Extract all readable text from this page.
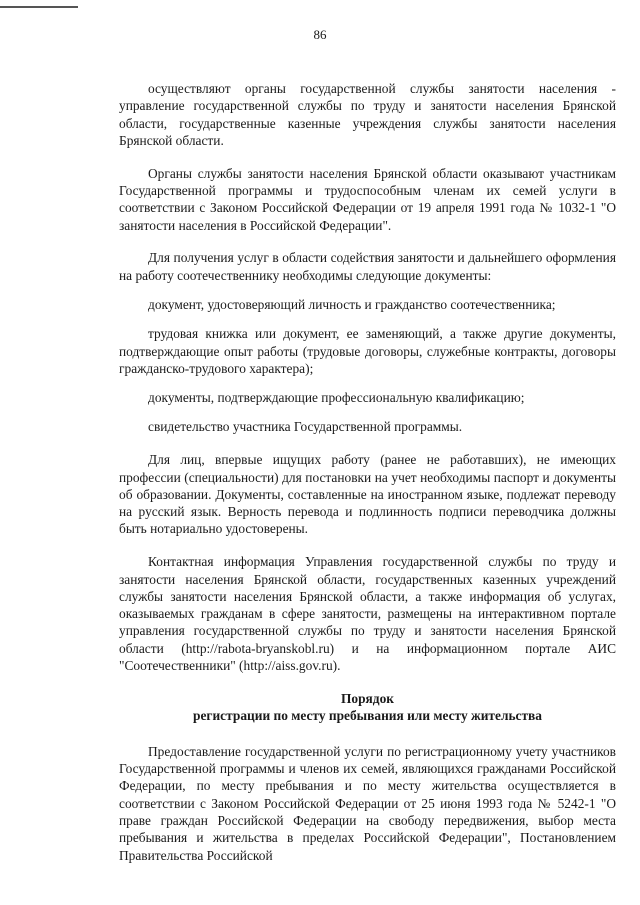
86

осуществляют органы государственной службы занятости населения - управление государственной службы по труду и занятости населения Брянской области, государственные казенные учреждения службы занятости населения Брянской области.

Органы службы занятости населения Брянской области оказывают участникам Государственной программы и трудоспособным членам их семей услуги в соответствии с Законом Российской Федерации от 19 апреля 1991 года № 1032-1 "О занятости населения в Российской Федерации".

Для получения услуг в области содействия занятости и дальнейшего оформления на работу соотечественнику необходимы следующие документы:

документ, удостоверяющий личность и гражданство соотечественника;

трудовая книжка или документ, ее заменяющий, а также другие документы, подтверждающие опыт работы (трудовые договоры, служебные контракты, договоры гражданско-трудового характера);

документы, подтверждающие профессиональную квалификацию;

свидетельство участника Государственной программы.

Для лиц, впервые ищущих работу (ранее не работавших), не имеющих профессии (специальности) для постановки на учет необходимы паспорт и документы об образовании. Документы, составленные на иностранном языке, подлежат переводу на русский язык. Верность перевода и подлинность подписи переводчика должны быть нотариально удостоверены.

Контактная информация Управления государственной службы по труду и занятости населения Брянской области, государственных казенных учреждений службы занятости населения Брянской области, а также информация об услугах, оказываемых гражданам в сфере занятости, размещены на интерактивном портале управления государственной службы по труду и занятости населения Брянской области (http://rabota-bryanskobl.ru) и на информационном портале АИС "Соотечественники" (http://aiss.gov.ru).

Порядок
регистрации по месту пребывания или месту жительства

Предоставление государственной услуги по регистрационному учету участников Государственной программы и членов их семей, являющихся гражданами Российской Федерации, по месту пребывания и по месту жительства осуществляется в соответствии с Законом Российской Федерации от 25 июня 1993 года № 5242-1 "О праве граждан Российской Федерации на свободу передвижения, выбор места пребывания и жительства в пределах Российской Федерации", Постановлением Правительства Российской
